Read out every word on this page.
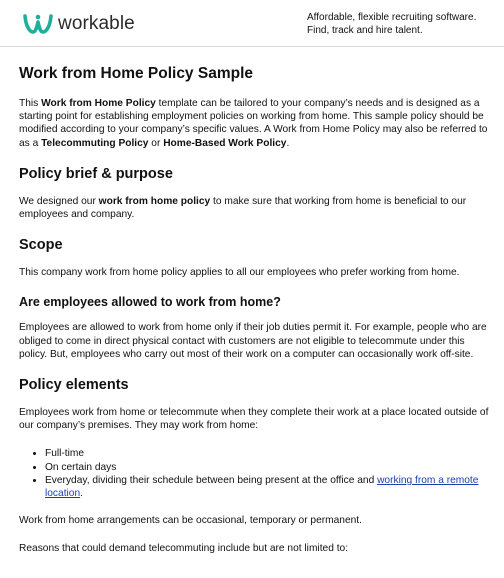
workable	Affordable, flexible recruiting software.
Find, track and hire talent.
Work from Home Policy Sample

This Work from Home Policy template can be tailored to your company’s needs and is designed as a starting point for establishing employment policies on working from home. This sample policy should be modified according to your company’s specific values. A Work from Home Policy may also be referred to as a Telecommuting Policy or Home-Based Work Policy.

Policy brief & purpose

We designed our work from home policy to make sure that working from home is beneficial to our employees and company.

Scope

This company work from home policy applies to all our employees who prefer working from home.

Are employees allowed to work from home?

Employees are allowed to work from home only if their job duties permit it. For example, people who are obliged to come in direct physical contact with customers are not eligible to telecommute under this policy. But, employees who carry out most of their work on a computer can occasionally work off-site.

Policy elements

Employees work from home or telecommute when they complete their work at a place located outside of our company’s premises. They may work from home:

• Full-time
• On certain days
• Everyday, dividing their schedule between being present at the office and working from a remote location.

Work from home arrangements can be occasional, temporary or permanent.

Reasons that could demand telecommuting include but are not limited to:
